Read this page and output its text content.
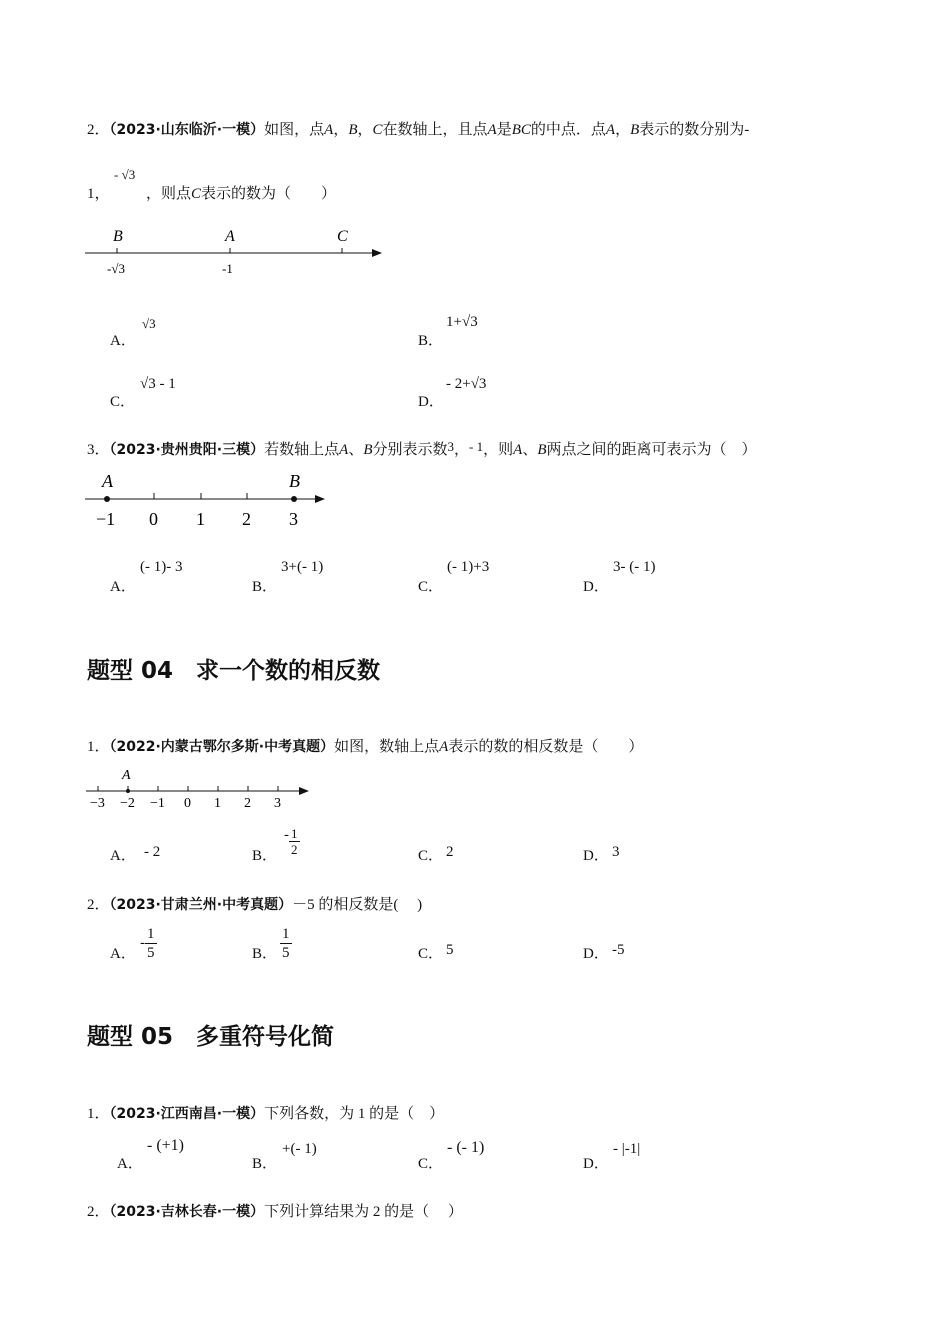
2．（2023·山东临沂·一模）如图，点A，B，C在数轴上，且点A是BC的中点．点A，B表示的数分别为-
1，
- √3
，则点C表示的数为（　　）
B	A	C
-√3	-1
A．
√3
B．
1+√3
C．
√3 - 1
D．
- 2+√3
3．（2023·贵州贵阳·三模）若数轴上点A、B分别表示数3，- 1，则A、B两点之间的距离可表示为（　）
A	B
−1 0 1 2 3
A．
(- 1)- 3
B．
3+(- 1)
C．
(- 1)+3
D．
3- (- 1)
题型 04　求一个数的相反数
1．（2022·内蒙古鄂尔多斯·中考真题）如图，数轴上点A表示的数的相反数是（　　）
A
−3 −2 −1 0 1 2 3
A． - 2	B．
- $\frac{1}{2}$	C． 2	D． 3
2．（2023·甘肃兰州·中考真题）－5 的相反数是(　 )
A．
- $\frac{1}{5}$	B． $\frac{1}{5}$	C． 5	D． -5
题型 05　多重符号化简
1．（2023·江西南昌·一模）下列各数，为 1 的是（　）
A．
- (+1)
B．
+(- 1)
C．
- (- 1)
D．
- |-1|
2．（2023·吉林长春·一模）下列计算结果为 2 的是（　 ）
